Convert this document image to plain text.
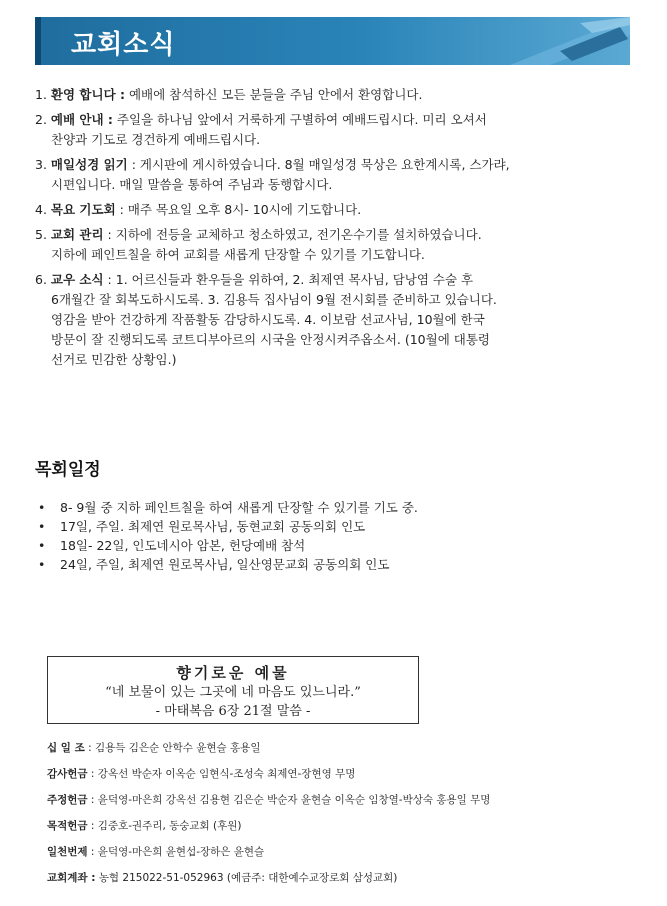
교회소식
1. 환영 합니다 : 예배에 참석하신 모든 분들을 주님 안에서 환영합니다.
2. 예배 안내 : 주일을 하나님 앞에서 거룩하게 구별하여 예배드립시다. 미리 오셔서
찬양과 기도로 경건하게 예배드립시다.
3. 매일성경 읽기 : 게시판에 게시하였습니다. 8월 매일성경 묵상은 요한계시록, 스가랴,
시편입니다. 매일 말씀을 통하여 주님과 동행합시다.
4. 목요 기도회 : 매주 목요일 오후 8시- 10시에 기도합니다.
5. 교회 관리 : 지하에 전등을 교체하고 청소하였고, 전기온수기를 설치하였습니다.
지하에 페인트칠을 하여 교회를 새롭게 단장할 수 있기를 기도합니다.
6. 교우 소식 : 1. 어르신들과 환우들을 위하여, 2. 최제연 목사님, 담낭염 수술 후
6개월간 잘 회복도하시도록. 3. 김용득 집사님이 9월 전시회를 준비하고 있습니다.
영감을 받아 건강하게 작품활동 감당하시도록. 4. 이보람 선교사님, 10월에 한국
방문이 잘 진행되도록 코트디부아르의 시국을 안정시켜주옵소서. (10월에 대통령
선거로 민감한 상황임.)
목회일정
• 8- 9월 중 지하 페인트칠을 하여 새롭게 단장할 수 있기를 기도 중.
• 17일, 주일. 최제연 원로목사님, 동현교회 공동의회 인도
• 18일- 22일, 인도네시아 암본, 헌당예배 참석
• 24일, 주일, 최제연 원로목사님, 일산영문교회 공동의회 인도
향기로운 예물
“네 보물이 있는 그곳에 네 마음도 있느니라.”
- 마태복음 6장 21절 말씀 -
십 일 조 : 김용득 김은순 안학수 윤현슬 홍용일
감사헌금 : 강옥선 박순자 이옥순 임현식-조성숙 최제연-장현영 무명
주정헌금 : 윤덕영-마은희 강옥선 김용현 김은순 박순자 윤현슬 이옥순 임창열-박상숙 홍용일 무명
목적헌금 : 김중호-권주리, 동숭교회 (후원)
일천번제 : 윤덕영-마은희 윤현섭-장하은 윤현슬
교회계좌 : 농협 215022-51-052963 (예금주: 대한예수교장로회 삼성교회)
